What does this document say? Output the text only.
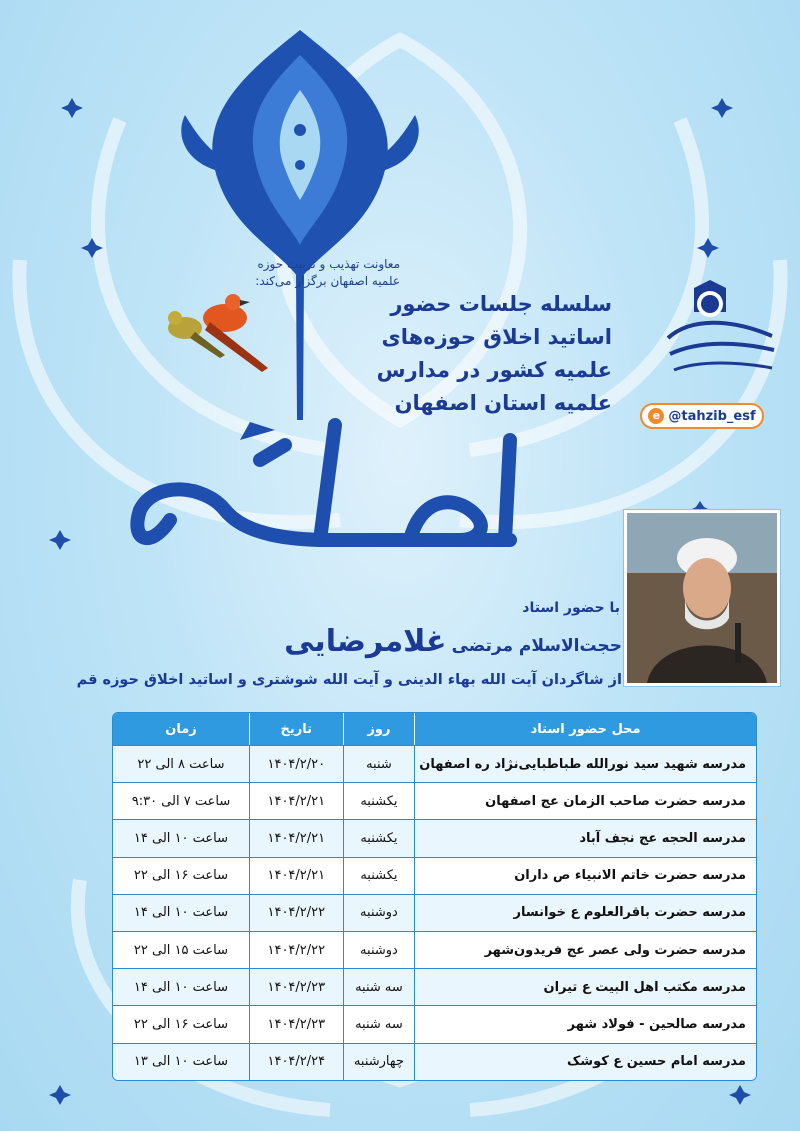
معاونت تهذیب و تربیت حوزه
علمیه اصفهان برگزار می‌کند:
سلسله جلسات حضور
اساتید اخلاق حوزه‌های
علمیه کشور در مدارس
علمیه استان اصفهان
e @tahzib_esf
با حضور استاد
حجت‌الاسلام مرتضی غلامرضایی
از شاگردان آیت الله بهاء الدینی و آیت الله شوشتری و اساتید اخلاق حوزه قم
محل حضور استاد	روز	تاریخ	زمان
مدرسه شهید سید نورالله طباطبایی‌نژاد ره اصفهان	شنبه	۱۴۰۴/۲/۲۰	ساعت ۸ الی ۲۲
مدرسه حضرت صاحب الزمان عج اصفهان	یکشنبه	۱۴۰۴/۲/۲۱	ساعت ۷ الی ۹:۳۰
مدرسه الحجه عج نجف آباد	یکشنبه	۱۴۰۴/۲/۲۱	ساعت ۱۰ الی ۱۴
مدرسه حضرت خاتم الانبیاء ص داران	یکشنبه	۱۴۰۴/۲/۲۱	ساعت ۱۶ الی ۲۲
مدرسه حضرت باقرالعلوم ع خوانسار	دوشنبه	۱۴۰۴/۲/۲۲	ساعت ۱۰ الی ۱۴
مدرسه حضرت ولی عصر عج فریدون‌شهر	دوشنبه	۱۴۰۴/۲/۲۲	ساعت ۱۵ الی ۲۲
مدرسه مکتب اهل البیت ع تیران	سه شنبه	۱۴۰۴/۲/۲۳	ساعت ۱۰ الی ۱۴
مدرسه صالحین - فولاد شهر	سه شنبه	۱۴۰۴/۲/۲۳	ساعت ۱۶ الی ۲۲
مدرسه امام حسین ع کوشک	چهارشنبه	۱۴۰۴/۲/۲۴	ساعت ۱۰ الی ۱۳
